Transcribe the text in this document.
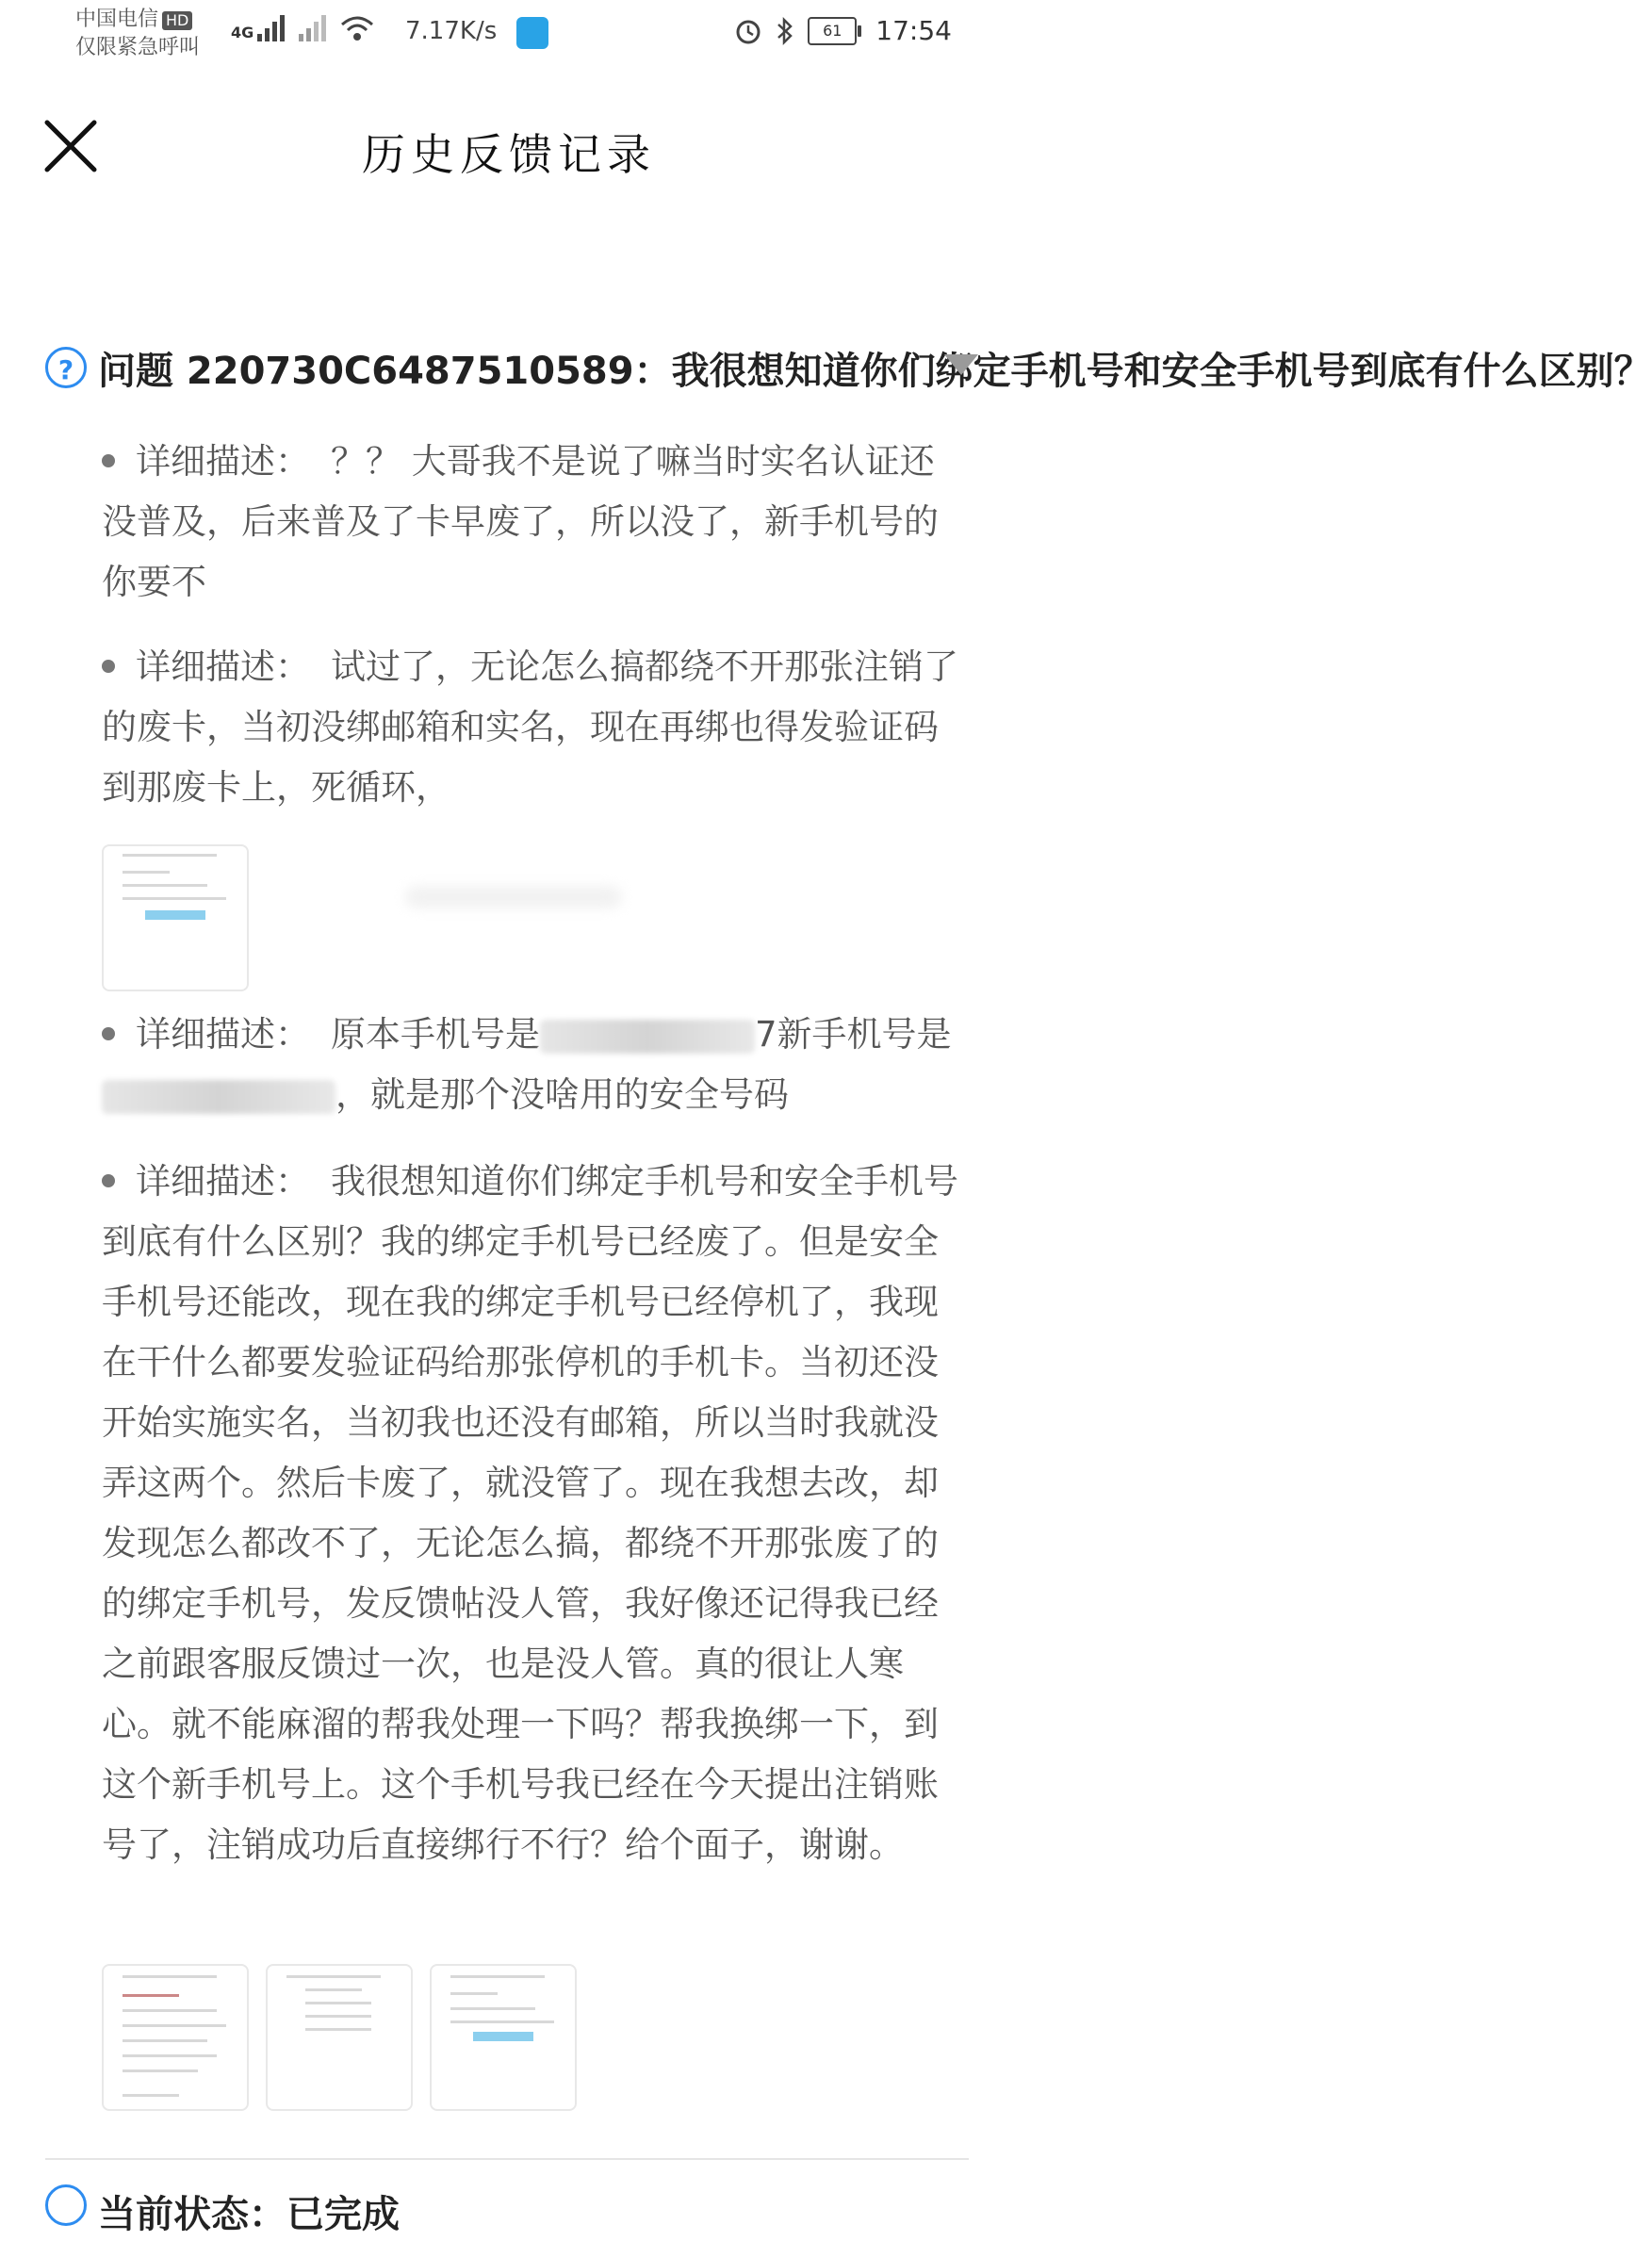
中国电信 HD
仅限紧急呼叫
4G	7.17K/s	61	17:54
历史反馈记录
? 问题 220730C6487510589：我很想知道你们绑定手机号和安全手机号到底有什么区别？
详细描述： ？？ 大哥我不是说了嘛当时实名认证还没普及，后来普及了卡早废了，所以没了，新手机号的你要不
详细描述： 试过了，无论怎么搞都绕不开那张注销了的废卡，当初没绑邮箱和实名，现在再绑也得发验证码到那废卡上，死循环，
详细描述： 原本手机号是	7新手机号是
，就是那个没啥用的安全号码
详细描述： 我很想知道你们绑定手机号和安全手机号到底有什么区别？我的绑定手机号已经废了。但是安全手机号还能改，现在我的绑定手机号已经停机了，我现在干什么都要发验证码给那张停机的手机卡。当初还没开始实施实名，当初我也还没有邮箱，所以当时我就没弄这两个。然后卡废了，就没管了。现在我想去改，却发现怎么都改不了，无论怎么搞，都绕不开那张废了的的绑定手机号，发反馈帖没人管，我好像还记得我已经之前跟客服反馈过一次，也是没人管。真的很让人寒心。就不能麻溜的帮我处理一下吗？帮我换绑一下，到这个新手机号上。这个手机号我已经在今天提出注销账号了，注销成功后直接绑行不行？给个面子，谢谢。
当前状态：已完成
